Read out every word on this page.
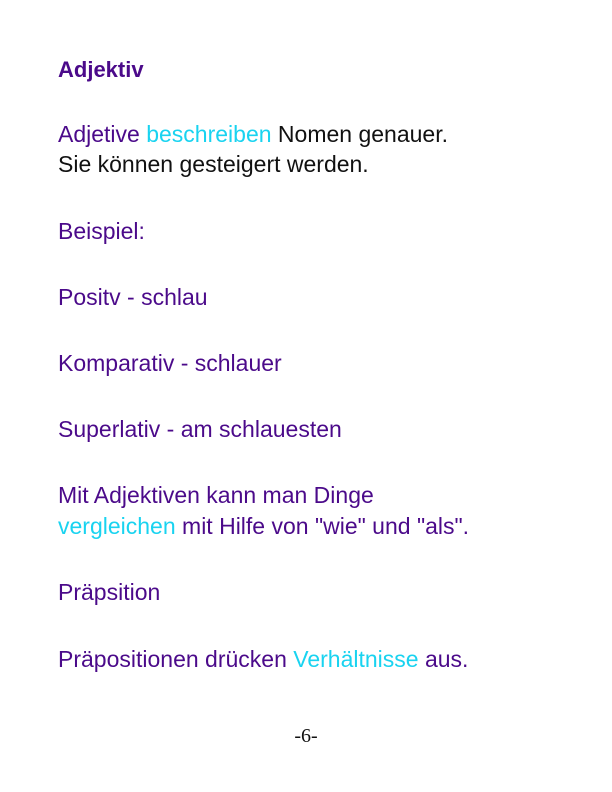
Adjektiv
Adjetive beschreiben Nomen genauer.
Sie können gesteigert werden.
Beispiel:
Positv - schlau
Komparativ - schlauer
Superlativ - am schlauesten
Mit Adjektiven kann man Dinge
vergleichen mit Hilfe von "wie" und "als".
Präpsition
Präpositionen drücken Verhältnisse aus.
-6-
